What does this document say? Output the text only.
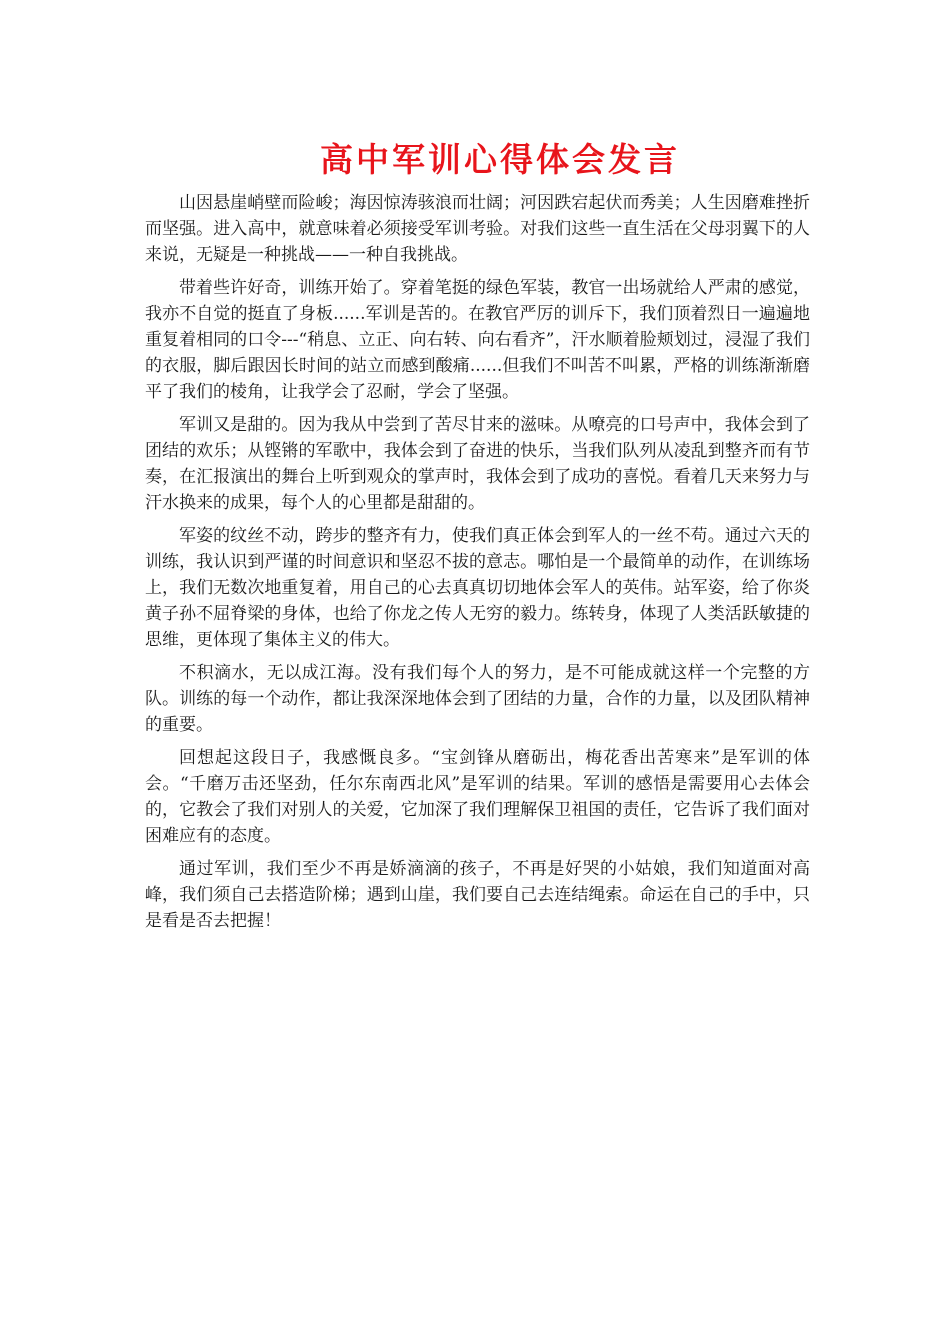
高中军训心得体会发言

山因悬崖峭壁而险峻；海因惊涛骇浪而壮阔；河因跌宕起伏而秀美；人生因磨难挫折而坚强。进入高中，就意味着必须接受军训考验。对我们这些一直生活在父母羽翼下的人来说，无疑是一种挑战——一种自我挑战。

带着些许好奇，训练开始了。穿着笔挺的绿色军装，教官一出场就给人严肃的感觉，我亦不自觉的挺直了身板......军训是苦的。在教官严厉的训斥下，我们顶着烈日一遍遍地重复着相同的口令---“稍息、立正、向右转、向右看齐”，汗水顺着脸颊划过，浸湿了我们的衣服，脚后跟因长时间的站立而感到酸痛......但我们不叫苦不叫累，严格的训练渐渐磨平了我们的棱角，让我学会了忍耐，学会了坚强。

军训又是甜的。因为我从中尝到了苦尽甘来的滋味。从嘹亮的口号声中，我体会到了团结的欢乐；从铿锵的军歌中，我体会到了奋进的快乐，当我们队列从凌乱到整齐而有节奏，在汇报演出的舞台上听到观众的掌声时，我体会到了成功的喜悦。看着几天来努力与汗水换来的成果，每个人的心里都是甜甜的。

军姿的纹丝不动，跨步的整齐有力，使我们真正体会到军人的一丝不苟。通过六天的训练，我认识到严谨的时间意识和坚忍不拔的意志。哪怕是一个最简单的动作，在训练场上，我们无数次地重复着，用自己的心去真真切切地体会军人的英伟。站军姿，给了你炎黄子孙不屈脊梁的身体，也给了你龙之传人无穷的毅力。练转身，体现了人类活跃敏捷的思维，更体现了集体主义的伟大。

不积滴水，无以成江海。没有我们每个人的努力，是不可能成就这样一个完整的方队。训练的每一个动作，都让我深深地体会到了团结的力量，合作的力量，以及团队精神的重要。

回想起这段日子，我感慨良多。“宝剑锋从磨砺出，梅花香出苦寒来”是军训的体会。“千磨万击还坚劲，任尔东南西北风”是军训的结果。军训的感悟是需要用心去体会的，它教会了我们对别人的关爱，它加深了我们理解保卫祖国的责任，它告诉了我们面对困难应有的态度。

通过军训，我们至少不再是娇滴滴的孩子，不再是好哭的小姑娘，我们知道面对高峰，我们须自己去搭造阶梯；遇到山崖，我们要自己去连结绳索。命运在自己的手中，只是看是否去把握！
